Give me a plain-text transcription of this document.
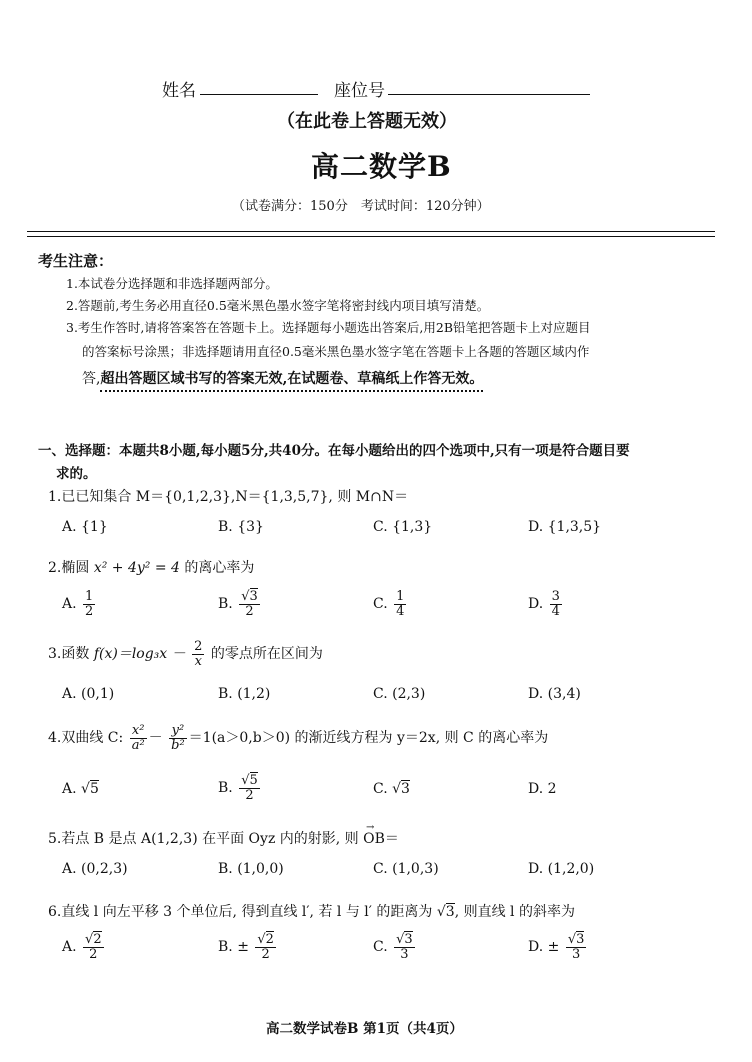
姓名	座位号
（在此卷上答题无效）
高二数学B
（试卷满分：150分　考试时间：120分钟）
考生注意：
1.本试卷分选择题和非选择题两部分。
2.答题前,考生务必用直径0.5毫米黑色墨水签字笔将密封线内项目填写清楚。
3.考生作答时,请将答案答在答题卡上。选择题每小题选出答案后,用2B铅笔把答题卡上对应题目
的答案标号涂黑；非选择题请用直径0.5毫米黑色墨水签字笔在答题卡上各题的答题区域内作
答,超出答题区域书写的答案无效,在试题卷、草稿纸上作答无效。
一、选择题：本题共8小题,每小题5分,共40分。在每小题给出的四个选项中,只有一项是符合题目要
求的。
1.已已知集合 M＝{0,1,2,3},N＝{1,3,5,7}, 则 M∩N＝
A. {1}	B. {3}	C. {1,3}	D. {1,3,5}
2.椭圆 x² + 4y² = 4 的离心率为
A. $\frac{1}{2}$	B. $\frac{√3}{2}$	C. $\frac{1}{4}$	D. $\frac{3}{4}$
3.函数 $f(x)=\log_3x - \frac{2}{x}$ 的零点所在区间为
A. (0,1)	B. (1,2)	C. (2,3)	D. (3,4)
4.双曲线 C: $\frac{\text{x²}}{\text{a²}} - \frac{\text{y²}}{\text{b²}} =1(a>0,b>0)$ 的渐近线方程为 y＝2x, 则 C 的离心率为
A. √5	B. $\frac{√5}{2}$	C. √3	D. 2
5.若点 B 是点 A(1,2,3) 在平面 Oyz 内的射影, 则 OB＝
→
A. (0,2,3)	B. (1,0,0)	C. (1,0,3)	D. (1,2,0)
6.直线 l 向左平移 3 个单位后, 得到直线 l′, 若 l 与 l′ 的距离为 √3, 则直线 l 的斜率为
A. $\frac{√2}{2}$	B. ± $\frac{√2}{2}$	C. $\frac{√3}{3}$	D. ± $\frac{√3}{3}$
高二数学试卷B 第1页（共4页）
